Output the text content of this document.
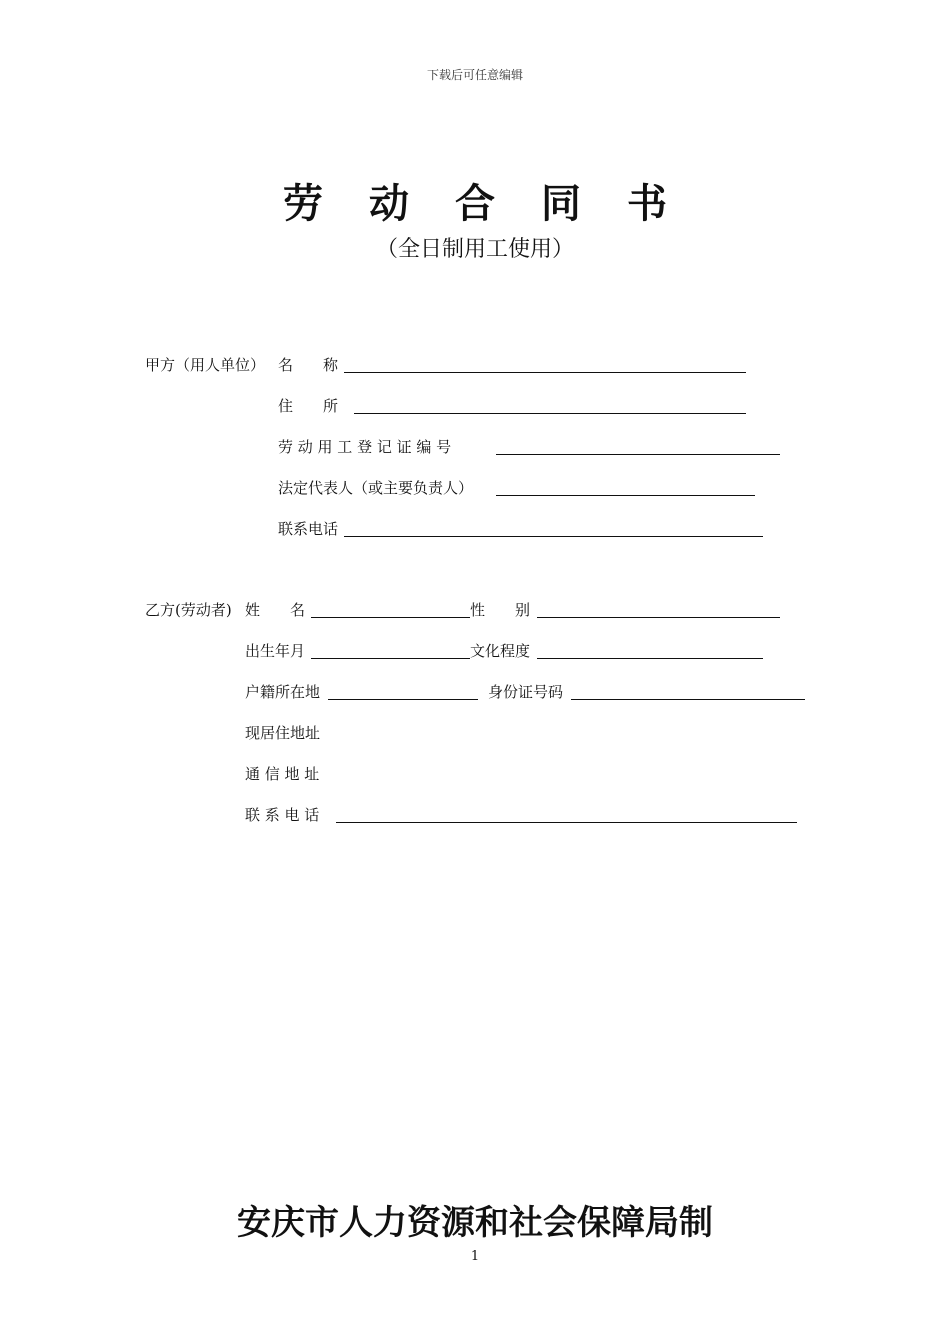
下载后可任意编辑
劳动合同书
（全日制用工使用）
甲方（用人单位） 名　　称
住　　所
劳 动 用 工 登 记 证 编 号
法定代表人（或主要负责人）
联系电话
乙方(劳动者) 姓　　名	性　　别
出生年月	文化程度
户籍所在地	身份证号码
现居住地址
通 信 地 址
联 系 电 话
安庆市人力资源和社会保障局制
1
